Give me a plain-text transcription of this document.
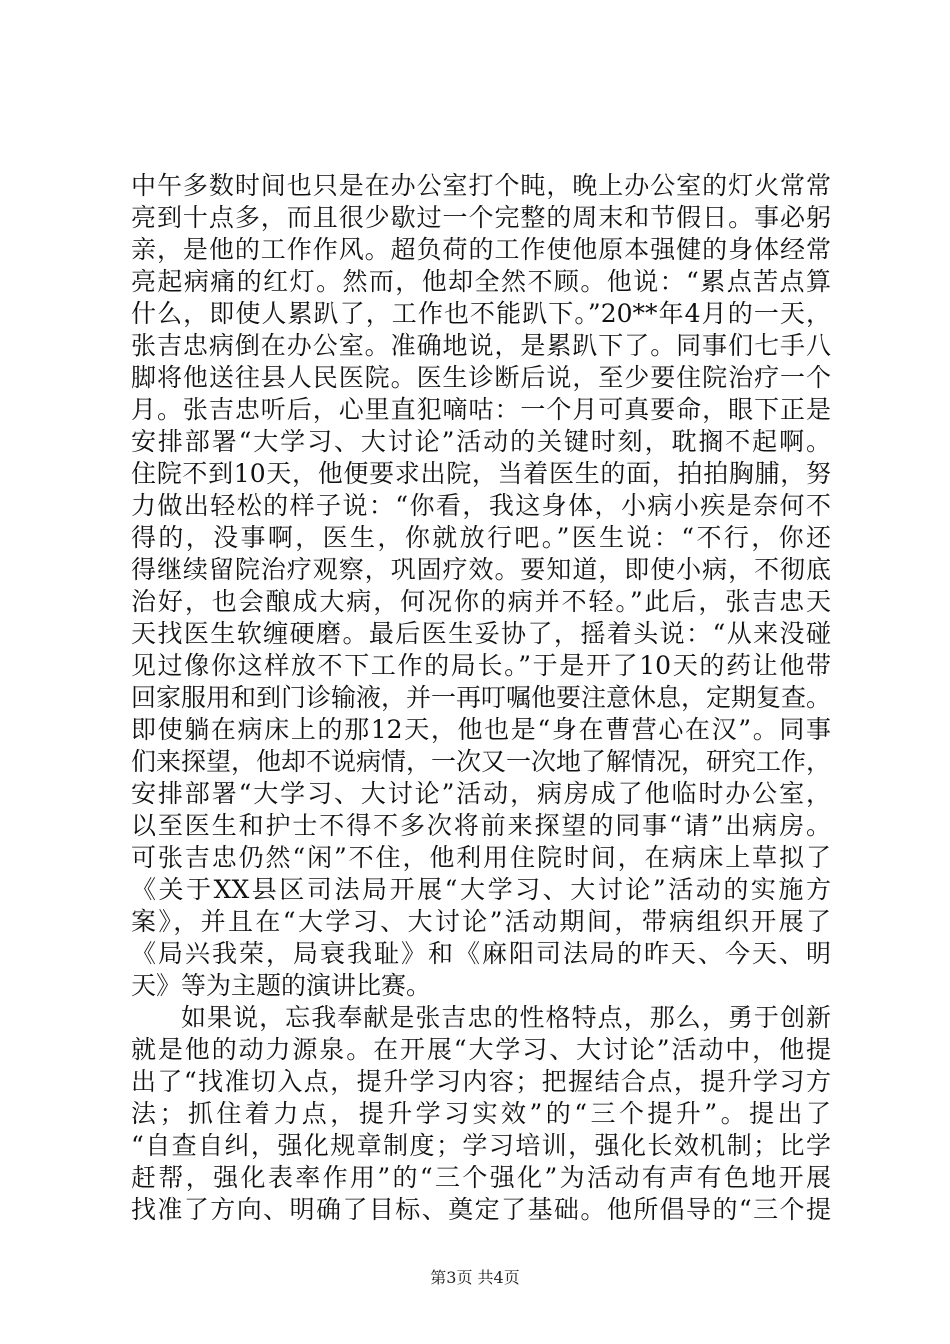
中午多数时间也只是在办公室打个盹，晚上办公室的灯火常常
亮到十点多，而且很少歇过一个完整的周末和节假日。事必躬
亲，是他的工作作风。超负荷的工作使他原本强健的身体经常
亮起病痛的红灯。然而，他却全然不顾。他说：“累点苦点算
什么，即使人累趴了，工作也不能趴下。”20**年4月的一天，
张吉忠病倒在办公室。准确地说，是累趴下了。同事们七手八
脚将他送往县人民医院。医生诊断后说，至少要住院治疗一个
月。张吉忠听后，心里直犯嘀咕：一个月可真要命，眼下正是
安排部署“大学习、大讨论”活动的关键时刻，耽搁不起啊。
住院不到10天，他便要求出院，当着医生的面，拍拍胸脯，努
力做出轻松的样子说：“你看，我这身体，小病小疾是奈何不
得的，没事啊，医生，你就放行吧。”医生说：“不行，你还
得继续留院治疗观察，巩固疗效。要知道，即使小病，不彻底
治好，也会酿成大病，何况你的病并不轻。”此后，张吉忠天
天找医生软缠硬磨。最后医生妥协了，摇着头说：“从来没碰
见过像你这样放不下工作的局长。”于是开了10天的药让他带
回家服用和到门诊输液，并一再叮嘱他要注意休息，定期复查。
即使躺在病床上的那12天，他也是“身在曹营心在汉”。同事
们来探望，他却不说病情，一次又一次地了解情况，研究工作，
安排部署“大学习、大讨论”活动，病房成了他临时办公室，
以至医生和护士不得不多次将前来探望的同事“请”出病房。
可张吉忠仍然“闲”不住，他利用住院时间，在病床上草拟了
《关于XX县区司法局开展“大学习、大讨论”活动的实施方
案》，并且在“大学习、大讨论”活动期间，带病组织开展了
《局兴我荣，局衰我耻》和《麻阳司法局的昨天、今天、明
天》等为主题的演讲比赛。
如果说，忘我奉献是张吉忠的性格特点，那么，勇于创新
就是他的动力源泉。在开展“大学习、大讨论”活动中，他提
出了“找准切入点，提升学习内容；把握结合点，提升学习方
法；抓住着力点，提升学习实效”的“三个提升”。提出了
“自查自纠，强化规章制度；学习培训，强化长效机制；比学
赶帮，强化表率作用”的“三个强化”为活动有声有色地开展
找准了方向、明确了目标、奠定了基础。他所倡导的“三个提
第3页 共4页
